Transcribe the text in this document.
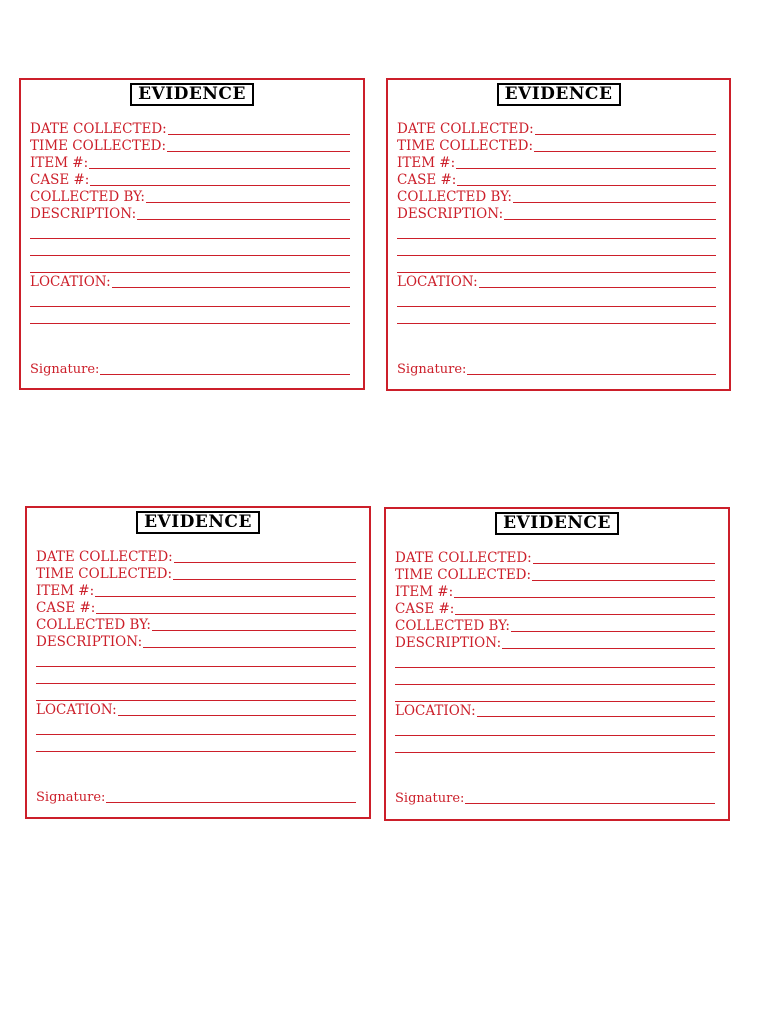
EVIDENCE
DATE COLLECTED:
TIME COLLECTED:
ITEM #:
CASE #:
COLLECTED BY:
DESCRIPTION:
LOCATION:
Signature:
EVIDENCE
DATE COLLECTED:
TIME COLLECTED:
ITEM #:
CASE #:
COLLECTED BY:
DESCRIPTION:
LOCATION:
Signature:
EVIDENCE
DATE COLLECTED:
TIME COLLECTED:
ITEM #:
CASE #:
COLLECTED BY:
DESCRIPTION:
LOCATION:
Signature:
EVIDENCE
DATE COLLECTED:
TIME COLLECTED:
ITEM #:
CASE #:
COLLECTED BY:
DESCRIPTION:
LOCATION:
Signature:
